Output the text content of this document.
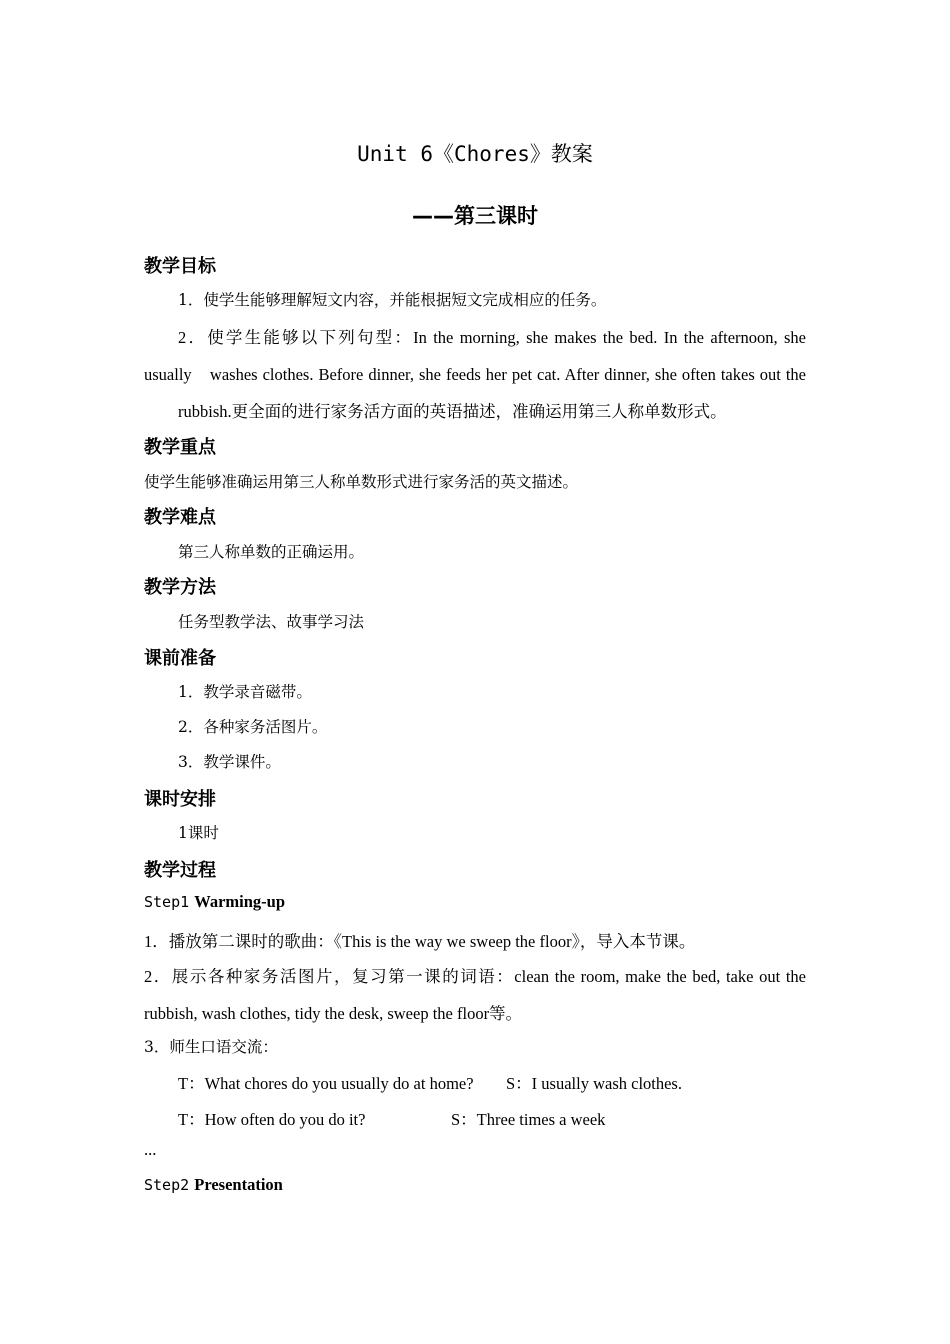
Unit 6《Chores》教案
——第三课时
教学目标
1．使学生能够理解短文内容，并能根据短文完成相应的任务。
2．使学生能够以下列句型：In the morning, she makes the bed. In the afternoon, she
usually　washes clothes. Before dinner, she feeds her pet cat. After dinner, she often takes out the
rubbish.更全面的进行家务活方面的英语描述，准确运用第三人称单数形式。
教学重点
使学生能够准确运用第三人称单数形式进行家务活的英文描述。
教学难点
第三人称单数的正确运用。
教学方法
任务型教学法、故事学习法
课前准备
1．教学录音磁带。
2．各种家务活图片。
3．教学课件。
课时安排
1课时
教学过程
Step1 Warming-up
1．播放第二课时的歌曲：《This is the way we sweep the floor》，导入本节课。
2．展示各种家务活图片，复习第一课的词语：clean the room, make the bed, take out the
rubbish, wash clothes, tidy the desk, sweep the floor等。
3．师生口语交流：
T：What chores do you usually do at home? S：I usually wash clothes.
T：How often do you do it?	S：Three times a week
...
Step2 Presentation
